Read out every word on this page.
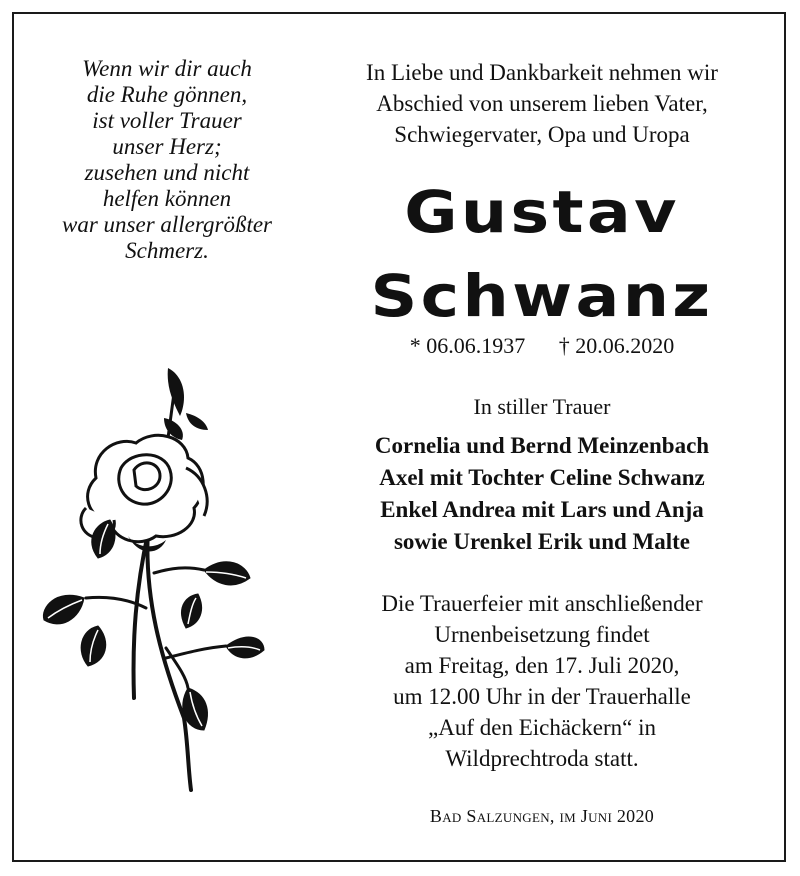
Wenn wir dir auch
die Ruhe gönnen,
ist voller Trauer
unser Herz;
zusehen und nicht
helfen können
war unser allergrößter
Schmerz.
In Liebe und Dankbarkeit nehmen wir
Abschied von unserem lieben Vater,
Schwiegervater, Opa und Uropa
Gustav
Schwanz
* 06.06.1937 † 20.06.2020
In stiller Trauer
Cornelia und Bernd Meinzenbach
Axel mit Tochter Celine Schwanz
Enkel Andrea mit Lars und Anja
sowie Urenkel Erik und Malte
Die Trauerfeier mit anschließender
Urnenbeisetzung findet
am Freitag, den 17. Juli 2020,
um 12.00 Uhr in der Trauerhalle
„Auf den Eichäckern“ in
Wildprechtroda statt.
Bad Salzungen, im Juni 2020
